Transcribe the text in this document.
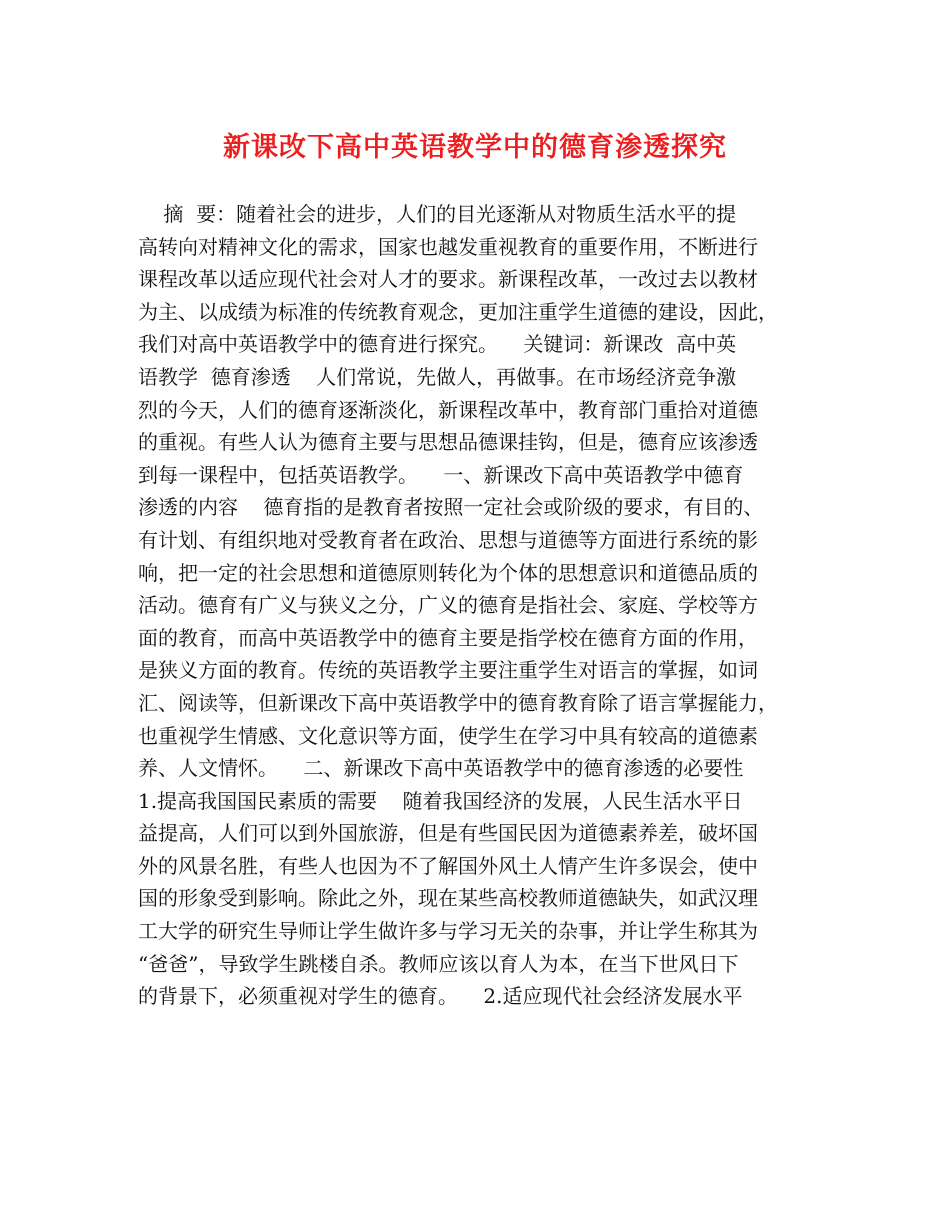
新课改下高中英语教学中的德育渗透探究
摘  要：随着社会的进步，人们的目光逐渐从对物质生活水平的提
高转向对精神文化的需求，国家也越发重视教育的重要作用，不断进行
课程改革以适应现代社会对人才的要求。新课程改革，一改过去以教材
为主、以成绩为标准的传统教育观念，更加注重学生道德的建设，因此，
我们对高中英语教学中的德育进行探究。    关键词：新课改  高中英
语教学  德育渗透    人们常说，先做人，再做事。在市场经济竞争激
烈的今天，人们的德育逐渐淡化，新课程改革中，教育部门重拾对道德
的重视。有些人认为德育主要与思想品德课挂钩，但是，德育应该渗透
到每一课程中，包括英语教学。    一、新课改下高中英语教学中德育
渗透的内容    德育指的是教育者按照一定社会或阶级的要求，有目的、
有计划、有组织地对受教育者在政治、思想与道德等方面进行系统的影
响，把一定的社会思想和道德原则转化为个体的思想意识和道德品质的
活动。德育有广义与狭义之分，广义的德育是指社会、家庭、学校等方
面的教育，而高中英语教学中的德育主要是指学校在德育方面的作用，
是狭义方面的教育。传统的英语教学主要注重学生对语言的掌握，如词
汇、阅读等，但新课改下高中英语教学中的德育教育除了语言掌握能力，
也重视学生情感、文化意识等方面，使学生在学习中具有较高的道德素
养、人文情怀。    二、新课改下高中英语教学中的德育渗透的必要性
1.提高我国国民素质的需要    随着我国经济的发展，人民生活水平日
益提高，人们可以到外国旅游，但是有些国民因为道德素养差，破坏国
外的风景名胜，有些人也因为不了解国外风土人情产生许多误会，使中
国的形象受到影响。除此之外，现在某些高校教师道德缺失，如武汉理
工大学的研究生导师让学生做许多与学习无关的杂事，并让学生称其为
“爸爸”，导致学生跳楼自杀。教师应该以育人为本，在当下世风日下
的背景下，必须重视对学生的德育。    2.适应现代社会经济发展水平
